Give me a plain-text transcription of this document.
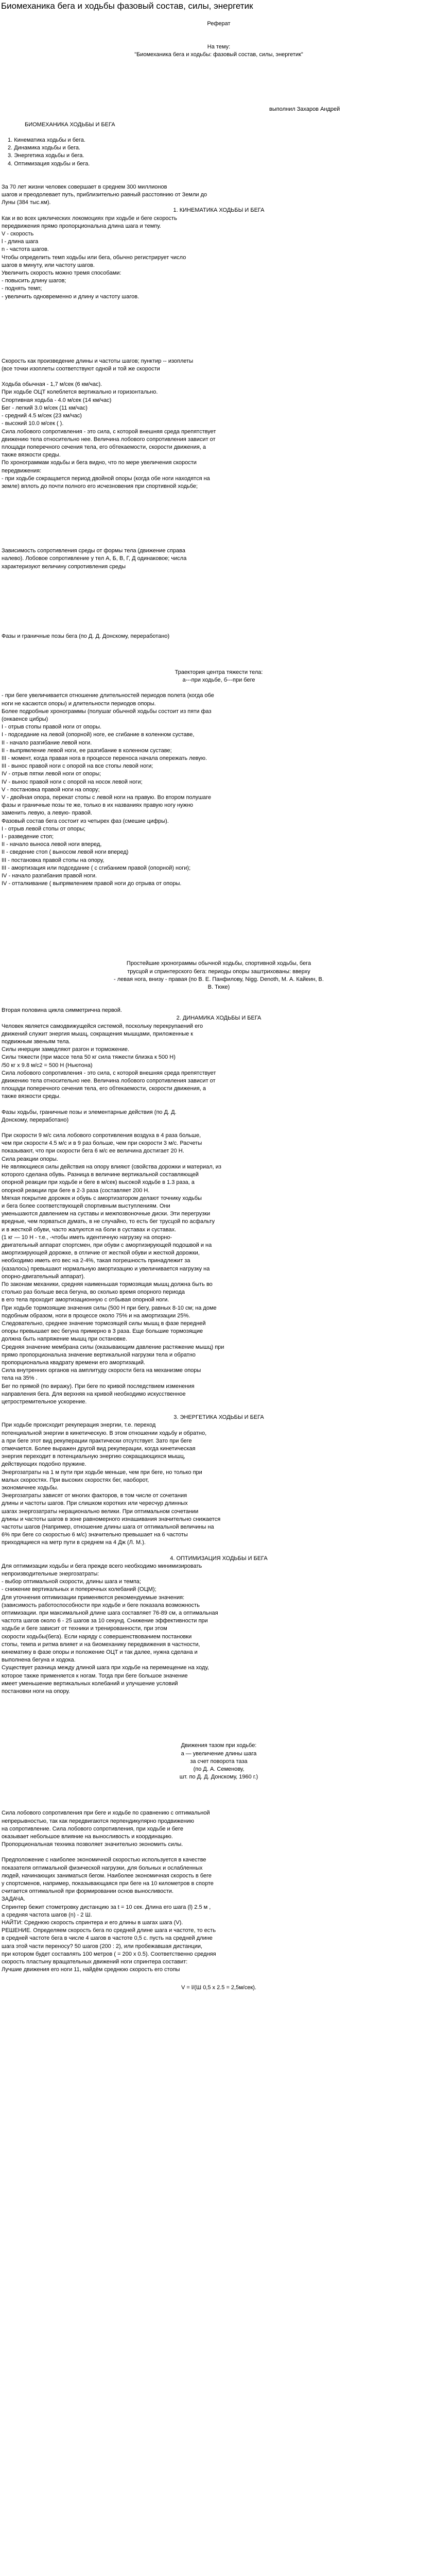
Биомеханика бега и ходьбы фазовый состав, силы, энергетик

Реферат

На тему:

"Биомеханика бега и ходьбы: фазовый состав, силы, энергетик"

выполнил Захаров Андрей

БИОМЕХАНИКА ХОДЬБЫ И БЕГА

1. Кинематика ходьбы и бега.

2. Динамика ходьбы и бега.

3. Энергетика ходьбы и бега.

4. Оптимизация ходьбы и бега.

За 70 лет жизни человек совершает в среднем 300 миллионов

шагов и преодолевает путь, приблизительно равный расстоянию от Земли до

Луны (384 тыс.км).

1. КИНЕМАТИКА ХОДЬБЫ И БЕГА

Как и во всех циклических локомоциях при ходьбе и беге скорость

передвижения прямо пропорциональна длина шага и темпу.

V - скорость

l - длина шага

n - частота шагов.

Чтобы определить темп ходьбы или бега, обычно регистрирует число

шагов в минуту, или частоту шагов.

Увеличить скорость можно тремя способами:

- повысить длину шагов;

- поднять темп;

- увеличить одновременно и длину и частоту шагов.

Скорость как произведение длины и частоты шагов; пунктир -- изоплеты

(все точки изоплеты соответствуют одной и той же скорости

Ходьба обычная - 1,7 м/сек (6 км/час).

При ходьбе ОЦТ колеблется вертикально и горизонтально.

Спортивная ходьба - 4.0 м/сек (14 км/час)

Бег - легкий 3.0 м/сек (11 км/час)

- средний 4.5 м/сек (23 км/час)

- высокий 10.0 м/сек ( ).

Сила лобового сопротивления - это сила, с которой внешняя среда препятствует

движению тела относительно нее. Величина лобового сопротивления зависит от

площади поперечного сечения тела, его обтекаемости, скорости движения, а

также вязкости среды.

По хронограммам ходьбы и бега видно, что по мере увеличения скорости

передвижения:

- при ходьбе сокращается период двойной опоры (когда обе ноги находятся на

земле) вплоть до почти полного его исчезновения при спортивной ходьбе;

Зависимость сопротивления среды от формы тела (движение справа

налево). Лобовое сопротивление у тел А, Б, В, Г, Д одинаковое; числа

характеризуют величину сопротивления среды

Фазы и граничные позы бега (по Д. Д. Донскому, переработано)

Траектория центра тяжести тела:

а---при ходьбе, б---при беге

- при беге увеличивается отношение длительностей периодов полета (когда обе

ноги не касаются опоры) и длительности периодов опоры.

Более подробные хронограммы (полушаг обычной ходьбы состоит из пяти фаз

(онкаенсе цибры)

I - отрыв стопы правой ноги от опоры.

I - подседание на левой (опорной) ноге, ее сгибание в коленном суставе,

II - начало разгибание левой ноги.

II - выпрямление левой ноги, ее разгибание в коленном суставе;

III - момент, когда правая нога в процессе переноса начала опережать левую.

III - вынос правой ноги с опорой на все стопы левой ноги;

IV - отрыв пятки левой ноги от опоры;

IV - вынос правой ноги с опорой на носок левой ноги;

V - постановка правой ноги на опору;

V - двойная опора, перекат стопы с левой ноги на правую. Во втором полушаге

фазы и граничные позы те же, только в их названиях правую ногу нужно

заменить левую, а левую- правой.

Фазовый состав бега состоит из четырех фаз (смешие цифры).

I - отрыв левой стопы от опоры;

I - разведение стоп;

II - начало выноса левой ноги вперед,

II - сведение стоп ( выносом левой ноги вперед)

III - постановка правой стопы на опору,

III - амортизация или подседание ( с сгибанием правой (опорной) ноги);

IV - начало разгибания правой ноги.

IV - отталкивание ( выпрямлением правой ноги до отрыва от опоры.

Простейшие хронограммы обычной ходьбы, спортивной ходьбы, бега

трусцой и спринтерского бега: периоды опоры заштрихованы: вверху

- левая нога, внизу - правая (по В. Е. Панфилову, Nigg. Denoth, М. А. Кайеин, В.

В. Тюке)

Вторая половина цикла симметрична первой.

2. ДИНАМИКА ХОДЬБЫ И БЕГА

Человек является самодвижущейся системой, поскольку перекрупаений его

движений служит энергия мышц, сокращения мышцами, приложенные к

подвижным звеньям тела.

Силы инерции замедляют разгон и торможение.

Силы тяжести (при массе тела 50 кг сила тяжести близка к 500 Н)

/50 кг х 9.8 м/с2 = 500 Н (Ньютона)

Сила лобового сопротивления - это сила, с которой внешняя среда препятствует

движению тела относительно нее. Величина лобового сопротивления зависит от

площади поперечного сечения тела, его обтекаемости, скорости движения, а

также вязкости среды.

Фазы ходьбы, граничные позы и элементарные действия (по Д. Д.

Донскому, переработано)

При скорости 9 м/с сила лобового сопротивления воздуха в 4 раза больше,

чем при скорости 4.5 м/с и в 9 раз больше, чем при скорости 3 м/с. Расчеты

показывают, что при скорости бега 6 м/с ее величина достигает 20 Н.

Сила реакции опоры.

Не являющиеся силы действия на опору влияют (свойства дорожки и материал, из

которого сделана обувь. Разница в величине вертикальной составляющей

опорной реакции при ходьбе и беге в м/сек) высокой ходьбе в 1.3 раза, а

опорной реакции при беге в 2-3 раза (составляет 200 Н.

Мягкая покрытие дорожек и обувь с амортизатором делают точнику ходьбы

и бега более соответствующей спортивным выступлениям. Они

уменьшаются давлением на суставы и межпозвоночные диски. Эти перегрузки

вредные, чем порваться думать, в не случайно, то есть бег трусцой по асфальту

и в жесткой обуви, часто жалуются на боли в суставах и суставах.

(1 кг — 10 Н - т.е., -чтобы иметь идентичную нагрузку на опорно-

двигательный аппарат спортсмен, при обуви с амортизирующей подошвой и на

амортизирующей дорожке, в отличие от жесткой обуви и жесткой дорожки,

необходимо иметь его вес на 2-4%, такая погрешность принадлежит за

(казалось) превышают нормальную амортизацию и увеличивается нагрузку на

опорно-двигательный аппарат).

По законам механики, средняя наименьшая тормозящая мышц должна быть во

столько раз больше веса бегуна, во сколько время опорного периода

в его тела проходит амортизационную с отбывая опорной ноги.

При ходьбе тормозящие значения силы (500 Н при бегу, равных 8-10 см; на доме

подобным образом, ноги в процессе около 75% и на амортизации 25%.

Следовательно, среднее значение тормозящей силы мышц в фазе передней

опоры превышает вес бегуна примерно в 3 раза. Еще большие тормозящие

должна быть напряжение мышц при остановке.

Средняя значение мембрана силы (оказывающим давление растяжение мышц) при

прямо пропорциональна значение вертикальной нагрузки тела и обратно

пропорциональна квадрату времени его амортизаций.

Сила внутренних органов на амплитуду скорости бега на механизме опоры

тела на 35% .

Бег по прямой (по виражу). При беге по кривой последствием изменения

направления бега. Для верхняя на кривой необходимо искусственное

цетростремительное ускорение.

3. ЭНЕРГЕТИКА ХОДЬБЫ И БЕГА

При ходьбе происходит рекуперация энергии, т.е. переход

потенциальной энергии в кинетическую. В этом отношении ходьбу и обратно,

а при беге этот вид рекуперации практически отсутствует. Зато при беге

отмечается. Более выражен другой вид рекуперации, когда кинетическая

энергия переходит в потенциальную энергию сокращающихся мышц,

действующих подобно пружине.

Энергозатраты на 1 м пути при ходьбе меньше, чем при беге, но только при

малых скоростях. При высоких скоростях бег, наоборот,

экономичнее ходьбы.

Энергозатраты зависят от многих факторов, в том числе от сочетания

длины и частоты шагов. При слишком коротких или чересчур длинных

шагах энергозатраты нерационально велики. При оптимальном сочетании

длины и частоты шагов в зоне равномерного изнашивания значительно снижается

частоты шагов (Например, отношение длины шага от оптимальной величины на

6% при беге со скоростью 6 м/с) значительно превышает на 6 частоты

приходящиеся на метр пути в среднем на 4 Дж (Л. М.).

4. ОПТИМИЗАЦИЯ ХОДЬБЫ И БЕГА

Для оптимизации ходьбы и бега прежде всего необходимо минимизировать

непроизводительные энергозатраты:

- выбор оптимальной скорости, длины шага и темпа;

- снижение вертикальных и поперечных колебаний (ОЦМ);

Для уточнения оптимизации применяются рекомендуемые значения:

(зависимость работоспособности при ходьбе и беге показала возможность

оптимизации. при максимальной длине шага составляет 76-89 см, а оптимальная

частота шагов около 6 - 25 шагов за 10 секунд. Снижение эффективности при

ходьбе и беге зависит от техники и тренированности, при этом

скорости ходьбы(бега). Если наряду с совершенствованием постановки

стопы, темпа и ритма влияет и на биомеханику передвижения в частности,

кинематику в фазе опоры и положение ОЦТ и так далее, нужна сделана и

выполнена бегуна и ходока.

Существует разница между длиной шага при ходьбе на перемещение на ходу,

которое также применяется к ногам. Тогда при беге большое значение

имеет уменьшение вертикальных колебаний и улучшение условий

постановки ноги на опору.

Движения тазом при ходьбе:

а — увеличение длины шага

за счет поворота таза

(по Д. А. Семенову,

шт. по Д. Д. Донскому, 1960 г.)

Сила лобового сопротивления при беге и ходьбе по сравнению с оптимальной

непрерывностью, так как передвигаются перпендикулярно продвижению

на сопротивление. Сила лобового сопротивления, при ходьбе и беге

оказывает небольшое влияние на выносливость и координацию.

Пропорциональная техника позволяет значительно экономить силы.

Предположение с наиболее экономичной скоростью используется в качестве

показателя оптимальной физической нагрузки, для больных и ослабленных

людей, начинающих заниматься бегом. Наиболее экономичная скорость в беге

у спортсменов, например, показывающаяся при беге на 10 километров в спорте

считается оптимальной при формировании основ выносливости.

ЗАДАЧА.

Спринтер бежит стометровку дистанцию за t = 10 сек. Длина его шага (l) 2.5 м ,

а средняя частота шагов (n) - 2 Ш.

НАЙТИ: Среднюю скорость спринтера и его длины в шагах шага (V).

РЕШЕНИЕ. Определяем скорость бега по средней длине шага и частоте, то есть

в средней частоте бега в числе 4 шагов в частоте 0,5 с. пусть на средней длине

шага этой части переносу? 50 шагов (200 : 2), или пробежавшая дистанции,

при котором будет составлять 100 метров ( = 200 х 0.5). Соответственно средняя

скорость пластыну вращательных движений ноги спринтера составит:

Лучшие движения его ноги 11, найдём среднюю скорость его стопы

V = l/(Ш 0,5 х 2.5 = 2,5м/сек).
